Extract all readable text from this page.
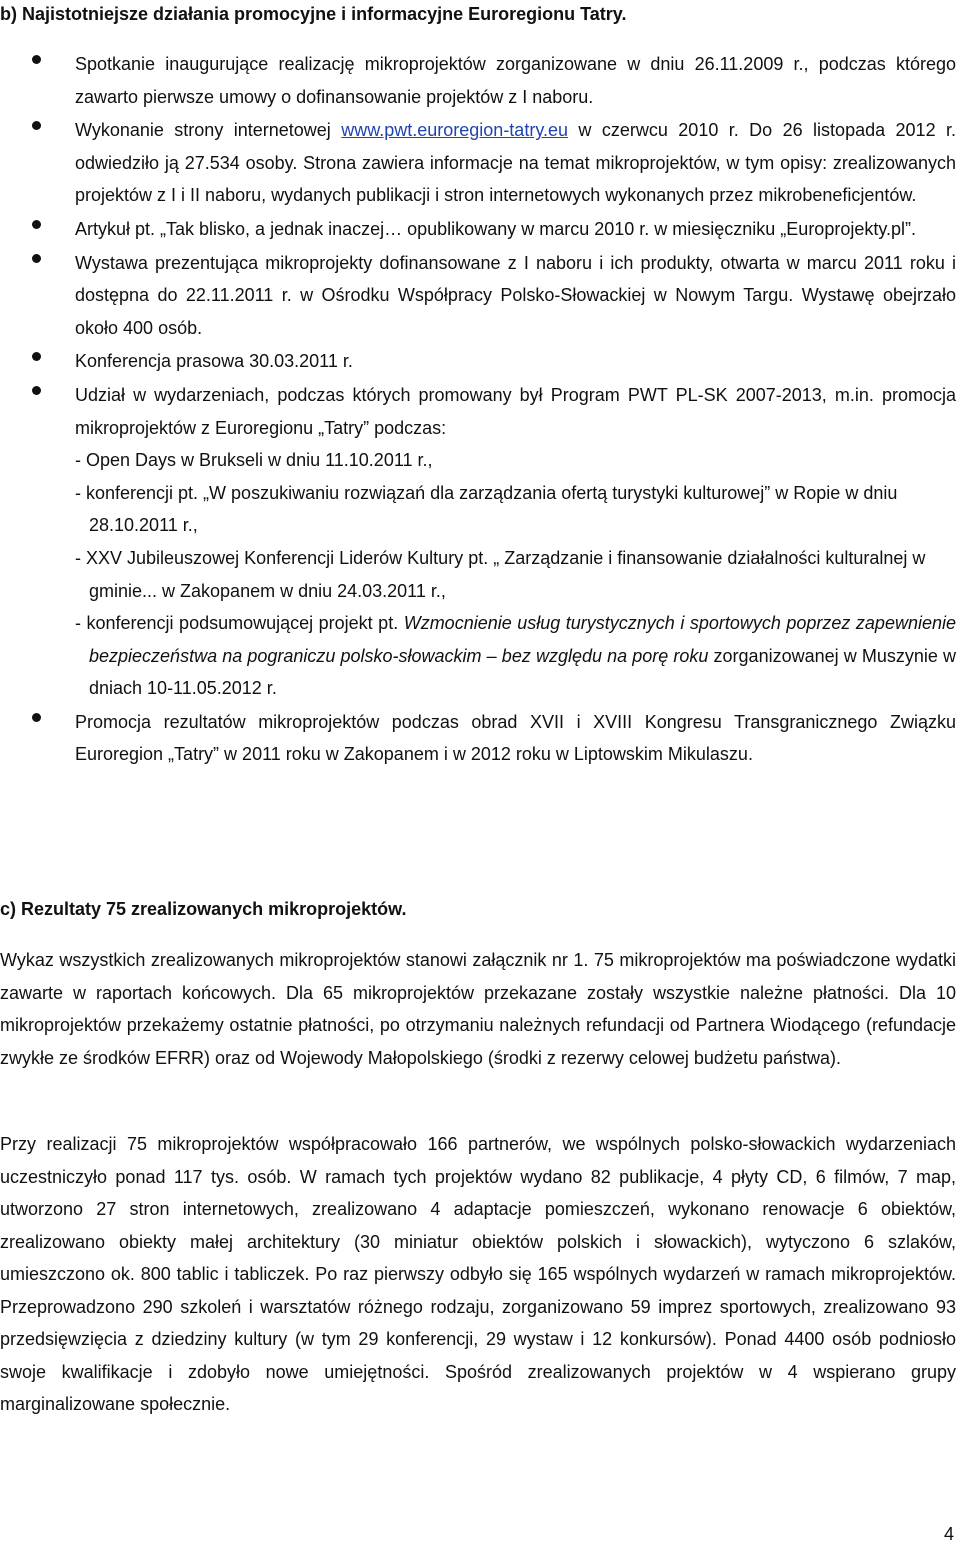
b) Najistotniejsze działania promocyjne i informacyjne Euroregionu Tatry.
Spotkanie inaugurujące realizację mikroprojektów zorganizowane w dniu 26.11.2009 r., podczas którego zawarto pierwsze umowy o dofinansowanie projektów z I naboru.
Wykonanie strony internetowej www.pwt.euroregion-tatry.eu w czerwcu 2010 r. Do 26 listopada 2012 r. odwiedziło ją 27.534 osoby. Strona zawiera informacje na temat mikroprojektów, w tym opisy: zrealizowanych projektów z I i II naboru, wydanych publikacji i stron internetowych wykonanych przez mikrobeneficjentów.
Artykuł pt. „Tak blisko, a jednak inaczej… opublikowany w marcu 2010 r. w miesięczniku „Europrojekty.pl”.
Wystawa prezentująca mikroprojekty dofinansowane z I naboru i ich produkty, otwarta w marcu 2011 roku i dostępna do 22.11.2011 r. w Ośrodku Współpracy Polsko-Słowackiej w Nowym Targu. Wystawę obejrzało około 400 osób.
Konferencja prasowa 30.03.2011 r.
Udział w wydarzeniach, podczas których promowany był Program PWT PL-SK 2007-2013, m.in. promocja mikroprojektów z Euroregionu „Tatry” podczas:
- Open Days w Brukseli w dniu 11.10.2011 r.,
- konferencji pt. „W poszukiwaniu rozwiązań dla zarządzania ofertą turystyki kulturowej” w Ropie w dniu 28.10.2011 r.,
- XXV Jubileuszowej Konferencji Liderów Kultury pt. „ Zarządzanie i finansowanie działalności kulturalnej w gminie... w Zakopanem w dniu 24.03.2011 r.,
- konferencji podsumowującej projekt pt. Wzmocnienie usług turystycznych i sportowych poprzez zapewnienie bezpieczeństwa na pograniczu polsko-słowackim – bez względu na porę roku zorganizowanej w Muszynie w dniach 10-11.05.2012 r.
Promocja rezultatów mikroprojektów podczas obrad XVII i XVIII Kongresu Transgranicznego Związku Euroregion „Tatry” w 2011 roku w Zakopanem i w 2012 roku w Liptowskim Mikulaszu.
c) Rezultaty 75 zrealizowanych mikroprojektów.

Wykaz wszystkich zrealizowanych mikroprojektów stanowi załącznik nr 1. 75 mikroprojektów ma poświadczone wydatki zawarte w raportach końcowych. Dla 65 mikroprojektów przekazane zostały wszystkie należne płatności. Dla 10 mikroprojektów przekażemy ostatnie płatności, po otrzymaniu należnych refundacji od Partnera Wiodącego (refundacje zwykłe ze środków EFRR) oraz od Wojewody Małopolskiego (środki z rezerwy celowej budżetu państwa).

Przy realizacji 75 mikroprojektów współpracowało 166 partnerów, we wspólnych polsko-słowackich wydarzeniach uczestniczyło ponad 117 tys. osób. W ramach tych projektów wydano 82 publikacje, 4 płyty CD, 6 filmów, 7 map, utworzono 27 stron internetowych, zrealizowano 4 adaptacje pomieszczeń, wykonano renowacje 6 obiektów, zrealizowano obiekty małej architektury (30 miniatur obiektów polskich i słowackich), wytyczono 6 szlaków, umieszczono ok. 800 tablic i tabliczek. Po raz pierwszy odbyło się 165 wspólnych wydarzeń w ramach mikroprojektów. Przeprowadzono 290 szkoleń i warsztatów różnego rodzaju, zorganizowano 59 imprez sportowych, zrealizowano 93 przedsięwzięcia z dziedziny kultury (w tym 29 konferencji, 29 wystaw i 12 konkursów). Ponad 4400 osób podniosło swoje kwalifikacje i zdobyło nowe umiejętności. Spośród zrealizowanych projektów w 4 wspierano grupy marginalizowane społecznie.

4
